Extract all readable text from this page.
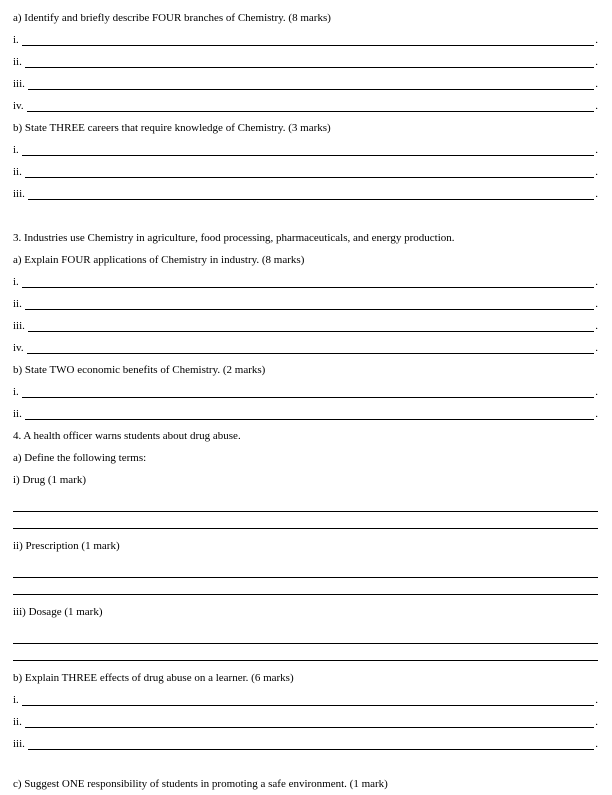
a) Identify and briefly describe FOUR branches of Chemistry. (8 marks)
i.	.
ii.	.
iii.	.
iv.	.
b) State THREE careers that require knowledge of Chemistry. (3 marks)
i.	.
ii.	.
iii.	.
3. Industries use Chemistry in agriculture, food processing, pharmaceuticals, and energy production.
a) Explain FOUR applications of Chemistry in industry. (8 marks)
i.	.
ii.	.
iii.	.
iv.	.
b) State TWO economic benefits of Chemistry. (2 marks)
i.	.
ii.	.
4. A health officer warns students about drug abuse.
a) Define the following terms:
i) Drug (1 mark)
ii) Prescription (1 mark)
iii) Dosage (1 mark)
b) Explain THREE effects of drug abuse on a learner. (6 marks)
i.	.
ii.	.
iii.	.
c) Suggest ONE responsibility of students in promoting a safe environment. (1 mark)
